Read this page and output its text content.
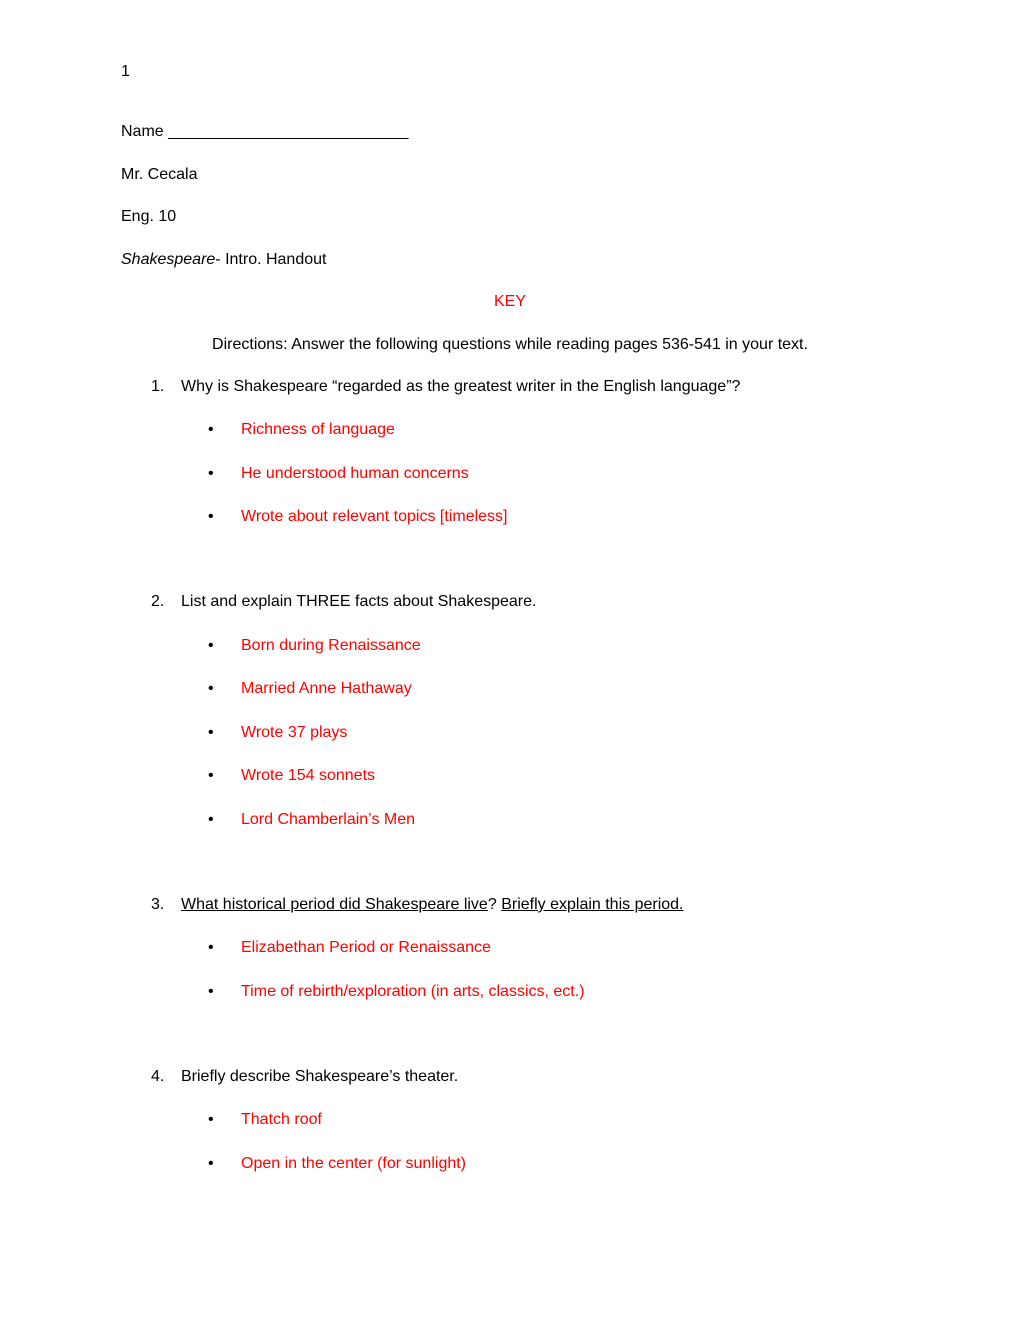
1
Name ___________________________
Mr. Cecala
Eng. 10
Shakespeare- Intro. Handout
KEY
Directions: Answer the following questions while reading pages 536-541 in your text.
1. Why is Shakespeare “regarded as the greatest writer in the English language”?
• Richness of language
• He understood human concerns
• Wrote about relevant topics [timeless]
2. List and explain THREE facts about Shakespeare.
• Born during Renaissance
• Married Anne Hathaway
• Wrote 37 plays
• Wrote 154 sonnets
• Lord Chamberlain’s Men
3. What historical period did Shakespeare live? Briefly explain this period.
• Elizabethan Period or Renaissance
• Time of rebirth/exploration (in arts, classics, ect.)
4. Briefly describe Shakespeare’s theater.
• Thatch roof
• Open in the center (for sunlight)
